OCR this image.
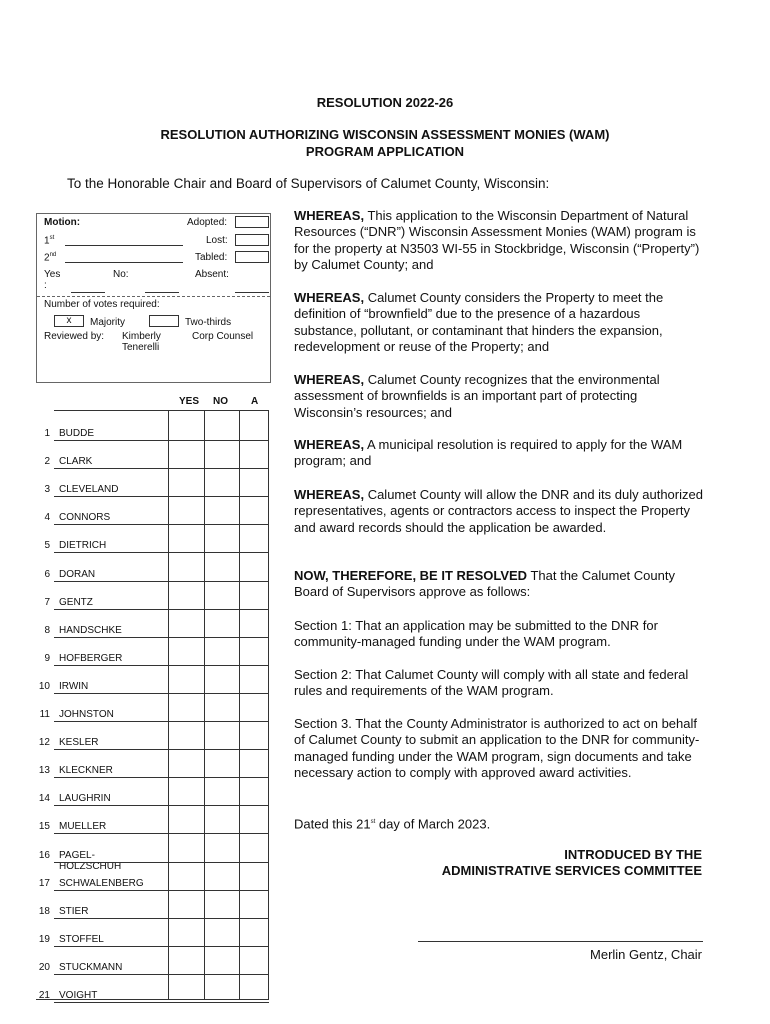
RESOLUTION 2022-26
RESOLUTION AUTHORIZING WISCONSIN ASSESSMENT MONIES (WAM)
PROGRAM APPLICATION
To the Honorable Chair and Board of Supervisors of Calumet County, Wisconsin:
Motion:	Adopted:
1st	Lost:
2nd	Tabled:
Yes
:
No:	Absent:
Number of votes required:
x	Majority	Two-thirds
Reviewed by: Kimberly
Tenerelli
Corp Counsel
YES NO A
1 BUDDE
2 CLARK
3 CLEVELAND
4 CONNORS
5 DIETRICH
6 DORAN
7 GENTZ
8 HANDSCHKE
9 HOFBERGER
10 IRWIN
11 JOHNSTON
12 KESLER
13 KLECKNER
14 LAUGHRIN
15 MUELLER
16 PAGEL-HOLZSCHUH
17 SCHWALENBERG
18 STIER
19 STOFFEL
20 STUCKMANN
21 VOIGHT
WHEREAS, This application to the Wisconsin Department of Natural Resources (“DNR”) Wisconsin Assessment Monies (WAM) program is for the property at N3503 WI-55 in Stockbridge, Wisconsin (“Property”) by Calumet County; and
WHEREAS, Calumet County considers the Property to meet the definition of “brownfield” due to the presence of a hazardous substance, pollutant, or contaminant that hinders the expansion, redevelopment or reuse of the Property; and
WHEREAS, Calumet County recognizes that the environmental assessment of brownfields is an important part of protecting Wisconsin’s resources; and
WHEREAS, A municipal resolution is required to apply for the WAM program; and
WHEREAS, Calumet County will allow the DNR and its duly authorized representatives, agents or contractors access to inspect the Property and award records should the application be awarded.
NOW, THEREFORE, BE IT RESOLVED That the Calumet County Board of Supervisors approve as follows:
Section 1: That an application may be submitted to the DNR for community-managed funding under the WAM program.
Section 2: That Calumet County will comply with all state and federal rules and requirements of the WAM program.
Section 3. That the County Administrator is authorized to act on behalf of Calumet County to submit an application to the DNR for community-managed funding under the WAM program, sign documents and take necessary action to comply with approved award activities.
Dated this 21st day of March 2023.
INTRODUCED BY THE
ADMINISTRATIVE SERVICES COMMITTEE
Merlin Gentz, Chair
